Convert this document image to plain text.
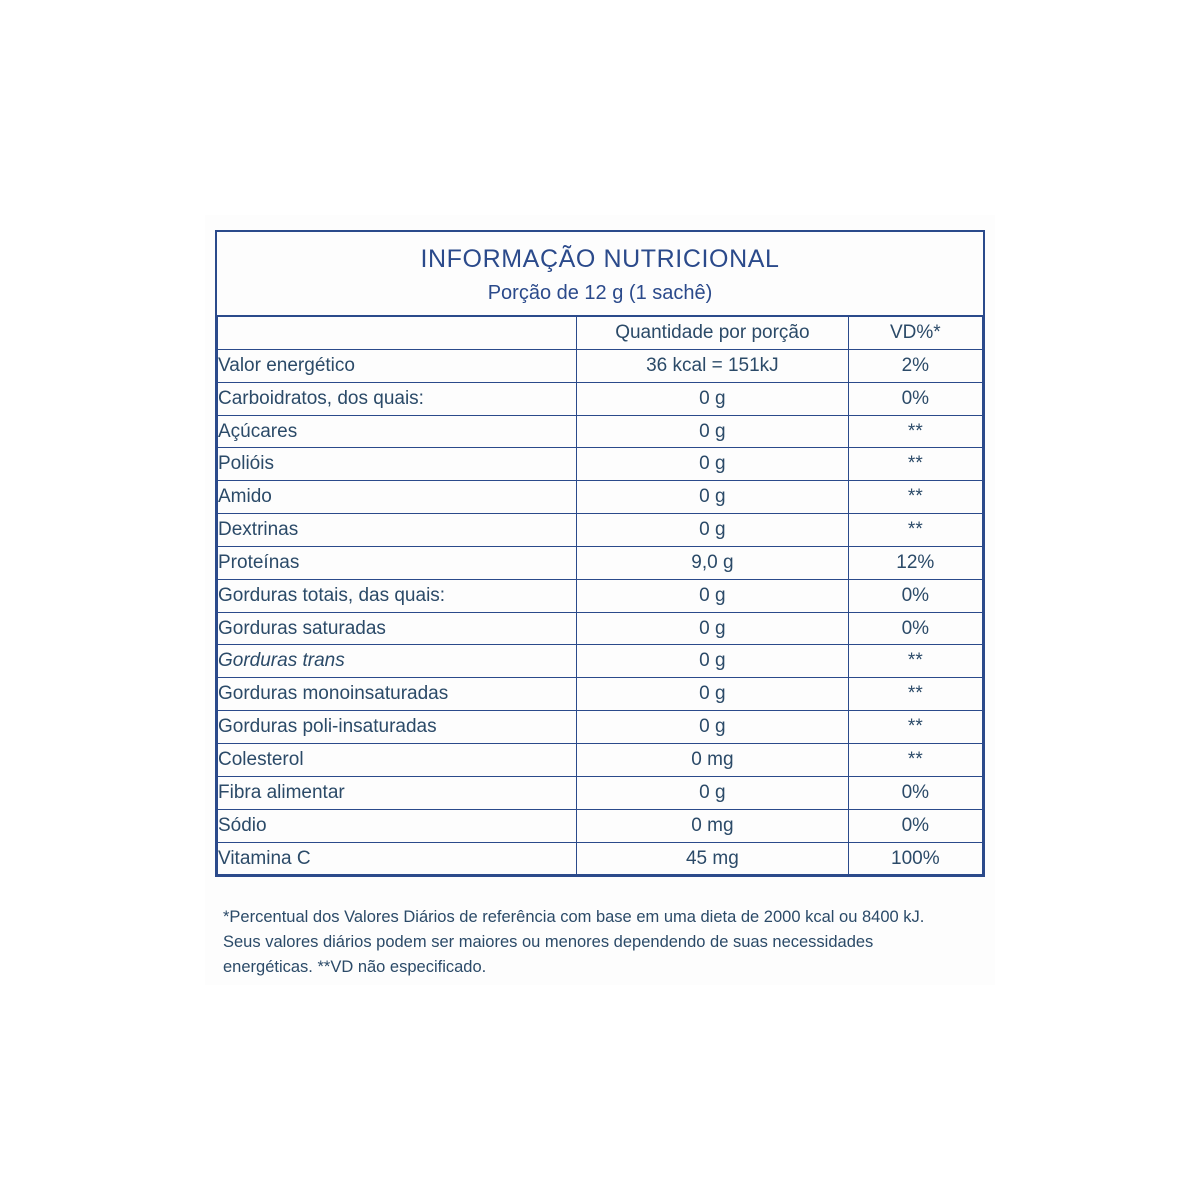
INFORMAÇÃO NUTRICIONAL
Porção de 12 g (1 sachê)
	Quantidade por porção	VD%*
Valor energético	36 kcal = 151kJ	2%
Carboidratos, dos quais:	0 g	0%
Açúcares	0 g	**
Polióis	0 g	**
Amido	0 g	**
Dextrinas	0 g	**
Proteínas	9,0 g	12%
Gorduras totais, das quais:	0 g	0%
Gorduras saturadas	0 g	0%
Gorduras trans	0 g	**
Gorduras monoinsaturadas	0 g	**
Gorduras poli-insaturadas	0 g	**
Colesterol	0 mg	**
Fibra alimentar	0 g	0%
Sódio	0 mg	0%
Vitamina C	45 mg	100%
*Percentual dos Valores Diários de referência com base em uma dieta de 2000 kcal ou 8400 kJ.
Seus valores diários podem ser maiores ou menores dependendo de suas necessidades
energéticas. **VD não especificado.
